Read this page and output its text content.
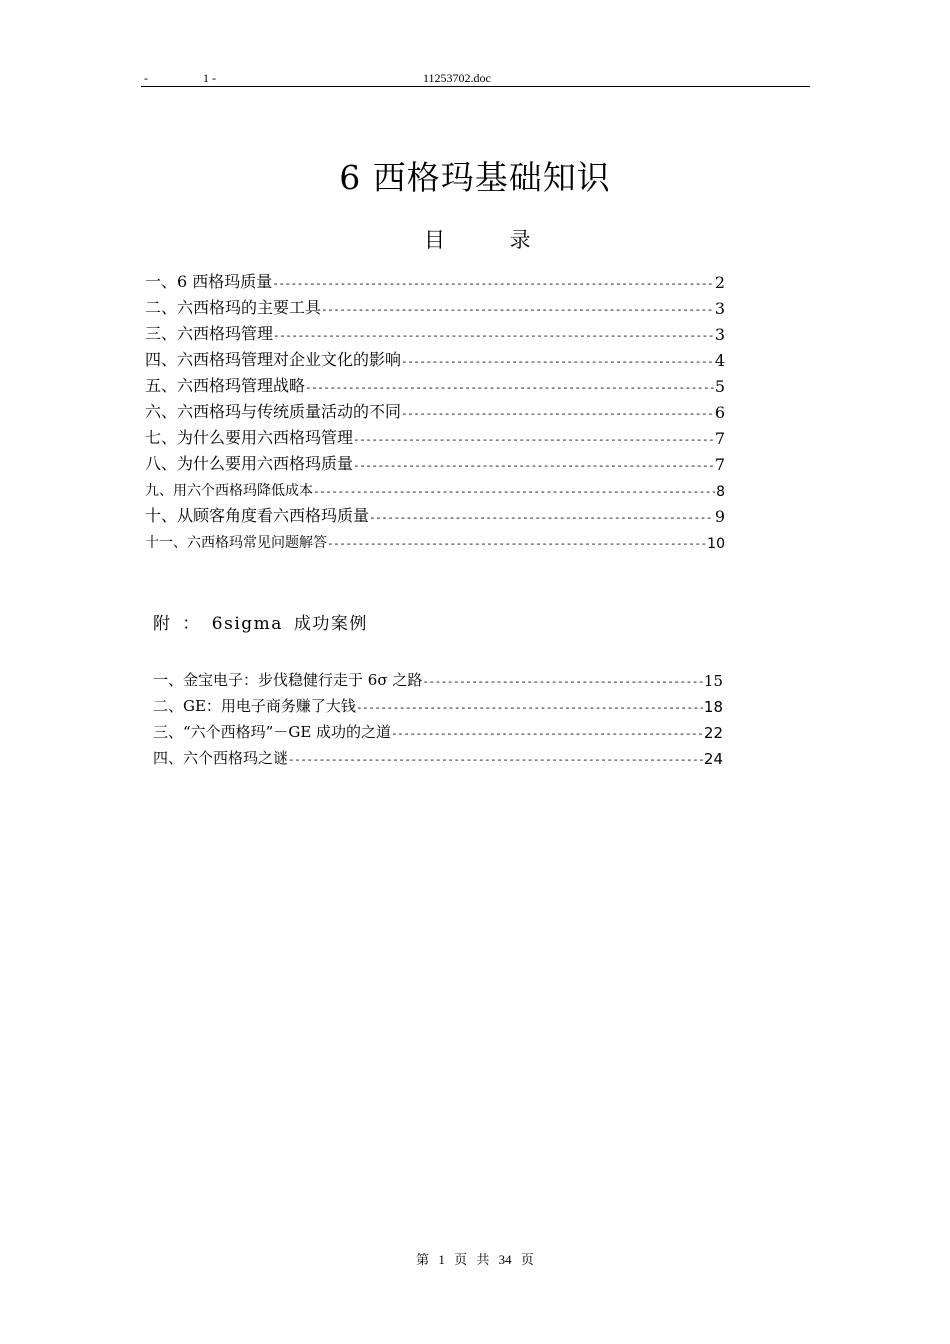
-	1 -	11253702.doc
6 西格玛基础知识
目 录
一、6 西格玛质量 -----	2
二、六西格玛的主要工具 -----	3
三、六西格玛管理 -----	3
四、六西格玛管理对企业文化的影响 -----	4
五、六西格玛管理战略 -----	5
六、六西格玛与传统质量活动的不同 -----	6
七、为什么要用六西格玛管理 -----	7
八、为什么要用六西格玛质量 -----	7
九、用六个西格玛降低成本 -----	8
十、从顾客角度看六西格玛质量 -----	9
十一、六西格玛常见问题解答 -----	10
附 ： 6sigma 成功案例
一、金宝电子：步伐稳健行走于 6σ 之路 -----	15
二、GE：用电子商务赚了大钱 -----	18
三、“六个西格玛”－GE 成功的之道 -----	22
四、六个西格玛之谜 -----	24
第 1 页 共 34 页
